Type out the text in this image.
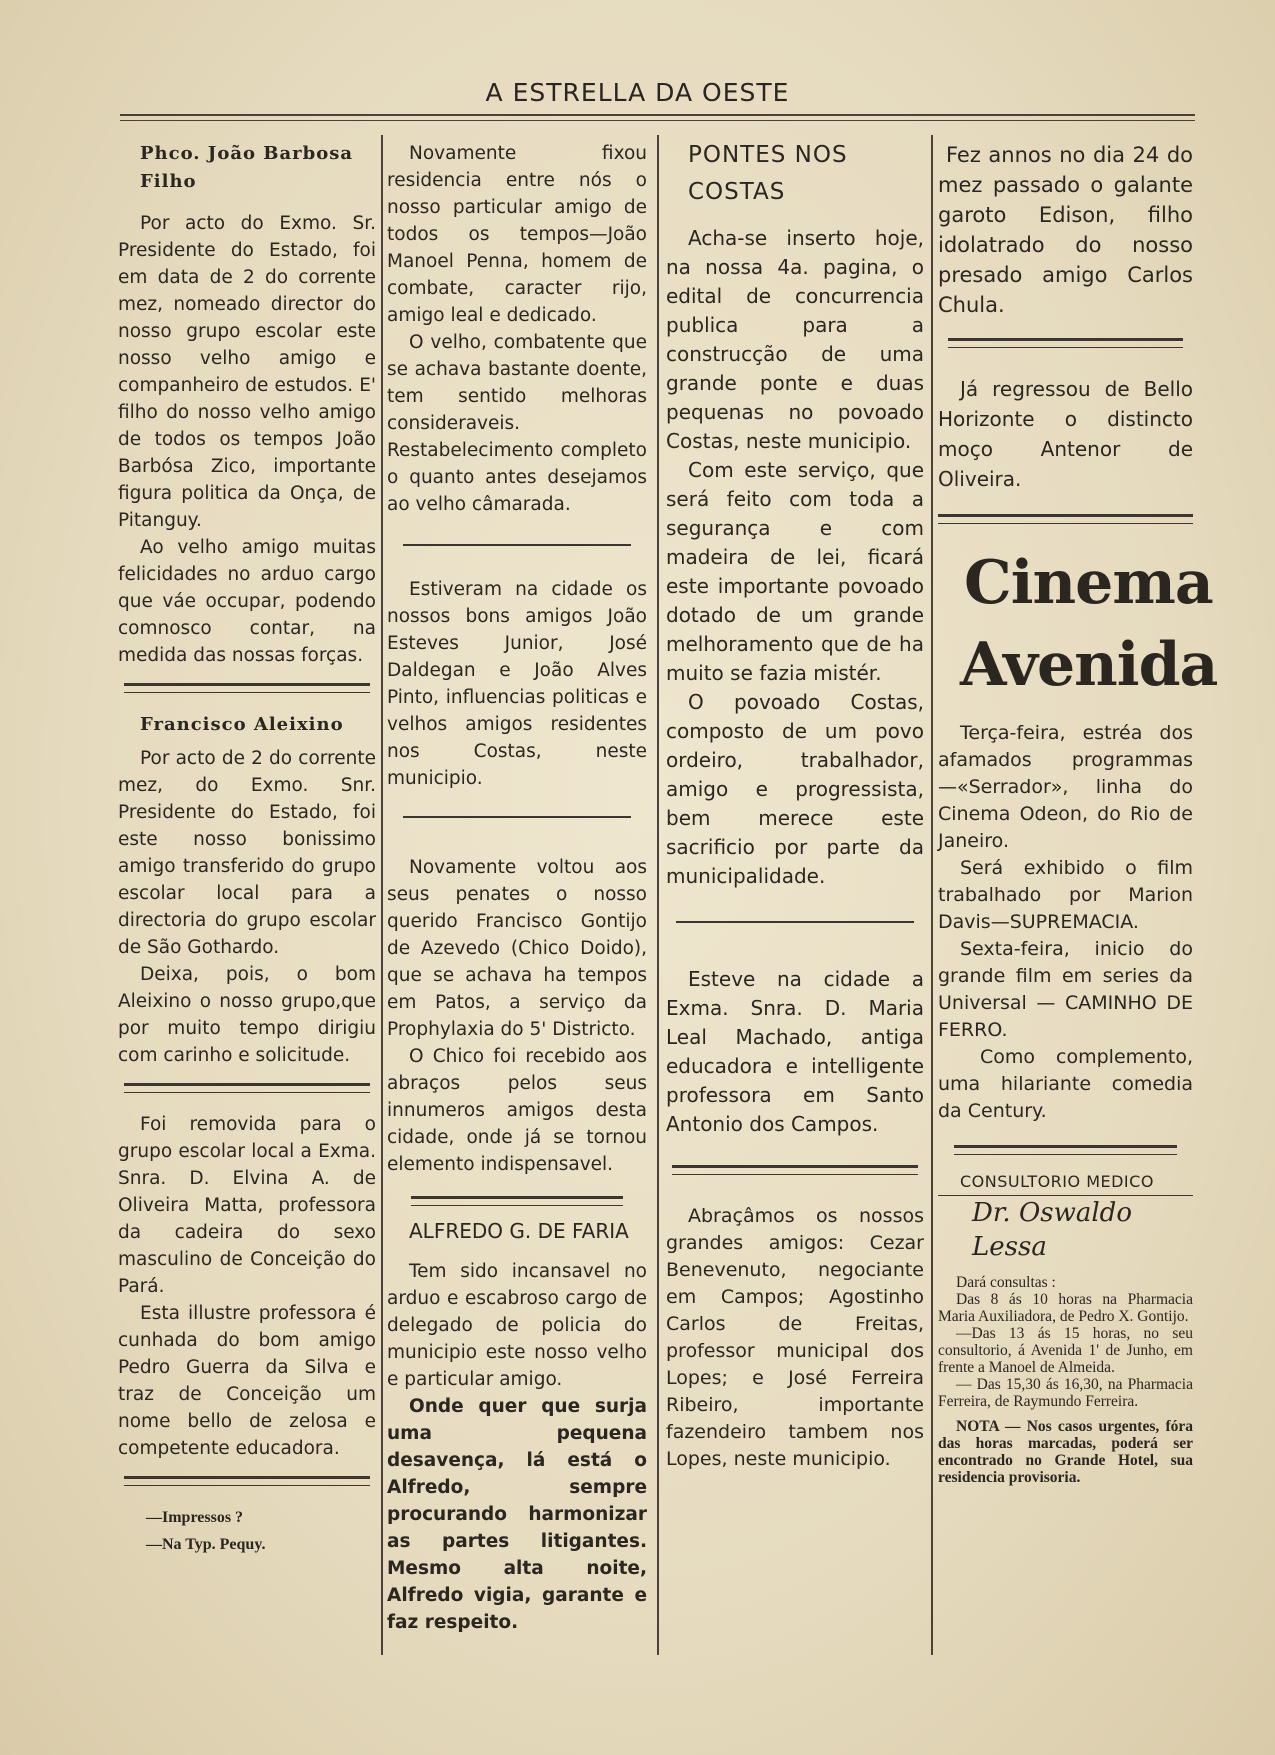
A ESTRELLA DA OESTE

Phco. João Barbosa

Filho

Por acto do Exmo. Sr. Presidente do Estado, foi em data de 2 do corrente mez, nomeado director do nosso grupo escolar este nosso velho amigo e companheiro de estudos. E' filho do nosso velho amigo de todos os tempos João Barbósa Zico, importante figura politica da Onça, de Pitanguy.

Ao velho amigo muitas felicidades no arduo cargo que váe occupar, podendo comnosco contar, na medida das nossas forças.

Francisco Aleixino

Por acto de 2 do corrente mez, do Exmo. Snr. Presidente do Estado, foi este nosso bonissimo amigo transferido do grupo escolar local para a directoria do grupo escolar de São Gothardo.

Deixa, pois, o bom Aleixino o nosso grupo,que por muito tempo dirigiu com carinho e solicitude.

Foi removida para o grupo escolar local a Exma. Snra. D. Elvina A. de Oliveira Matta, professora da cadeira do sexo masculino de Conceição do Pará.

Esta illustre professora é cunhada do bom amigo Pedro Guerra da Silva e traz de Conceição um nome bello de zelosa e competente educadora.

—Impressos ?

—Na Typ. Pequy.

Novamente fixou residencia entre nós o nosso particular amigo de todos os tempos—João Manoel Penna, homem de combate, caracter rijo, amigo leal e dedicado.

O velho, combatente que se achava bastante doente, tem sentido melhoras consideraveis. Restabelecimento completo o quanto antes desejamos ao velho câmarada.

Estiveram na cidade os nossos bons amigos João Esteves Junior, José Daldegan e João Alves Pinto, influencias politicas e velhos amigos residentes nos Costas, neste municipio.

Novamente voltou aos seus penates o nosso querido Francisco Gontijo de Azevedo (Chico Doido), que se achava ha tempos em Patos, a serviço da Prophylaxia do 5' Districto.

O Chico foi recebido aos abraços pelos seus innumeros amigos desta cidade, onde já se tornou elemento indispensavel.

ALFREDO G. DE FARIA

Tem sido incansavel no arduo e escabroso cargo de delegado de policia do municipio este nosso velho e particular amigo.

Onde quer que surja uma pequena desavença, lá está o Alfredo, sempre procurando harmonizar as partes litigantes. Mesmo alta noite, Alfredo vigia, garante e faz respeito.

PONTES NOS

COSTAS

Acha-se inserto hoje, na nossa 4a. pagina, o edital de concurrencia publica para a construcção de uma grande ponte e duas pequenas no povoado Costas, neste municipio.

Com este serviço, que será feito com toda a segurança e com madeira de lei, ficará este importante povoado dotado de um grande melhoramento que de ha muito se fazia mistér.

O povoado Costas, composto de um povo ordeiro, trabalhador, amigo e progressista, bem merece este sacrificio por parte da municipalidade.

Esteve na cidade a Exma. Snra. D. Maria Leal Machado, antiga educadora e intelligente professora em Santo Antonio dos Campos.

Abraçâmos os nossos grandes amigos: Cezar Benevenuto, negociante em Campos; Agostinho Carlos de Freitas, professor municipal dos Lopes; e José Ferreira Ribeiro, importante fazendeiro tambem nos Lopes, neste municipio.

Fez annos no dia 24 do mez passado o galante garoto Edison, filho idolatrado do nosso presado amigo Carlos Chula.

Já regressou de Bello Horizonte o distincto moço Antenor de Oliveira.

Cinema

Avenida

Terça-feira, estréa dos afamados programmas—«Serrador», linha do Cinema Odeon, do Rio de Janeiro.

Será exhibido o film trabalhado por Marion Davis—SUPREMACIA.

Sexta-feira, inicio do grande film em series da Universal — CAMINHO DE FERRO.

Como complemento, uma hilariante comedia da Century.

CONSULTORIO MEDICO

Dr. Oswaldo

Lessa

Dará consultas :

Das 8 ás 10 horas na Pharmacia Maria Auxiliadora, de Pedro X. Gontijo.

—Das 13 ás 15 horas, no seu consultorio, á Avenida 1' de Junho, em frente a Manoel de Almeida.

— Das 15,30 ás 16,30, na Pharmacia Ferreira, de Raymundo Ferreira.

NOTA — Nos casos urgentes, fóra das horas marcadas, poderá ser encontrado no Grande Hotel, sua residencia provisoria.
